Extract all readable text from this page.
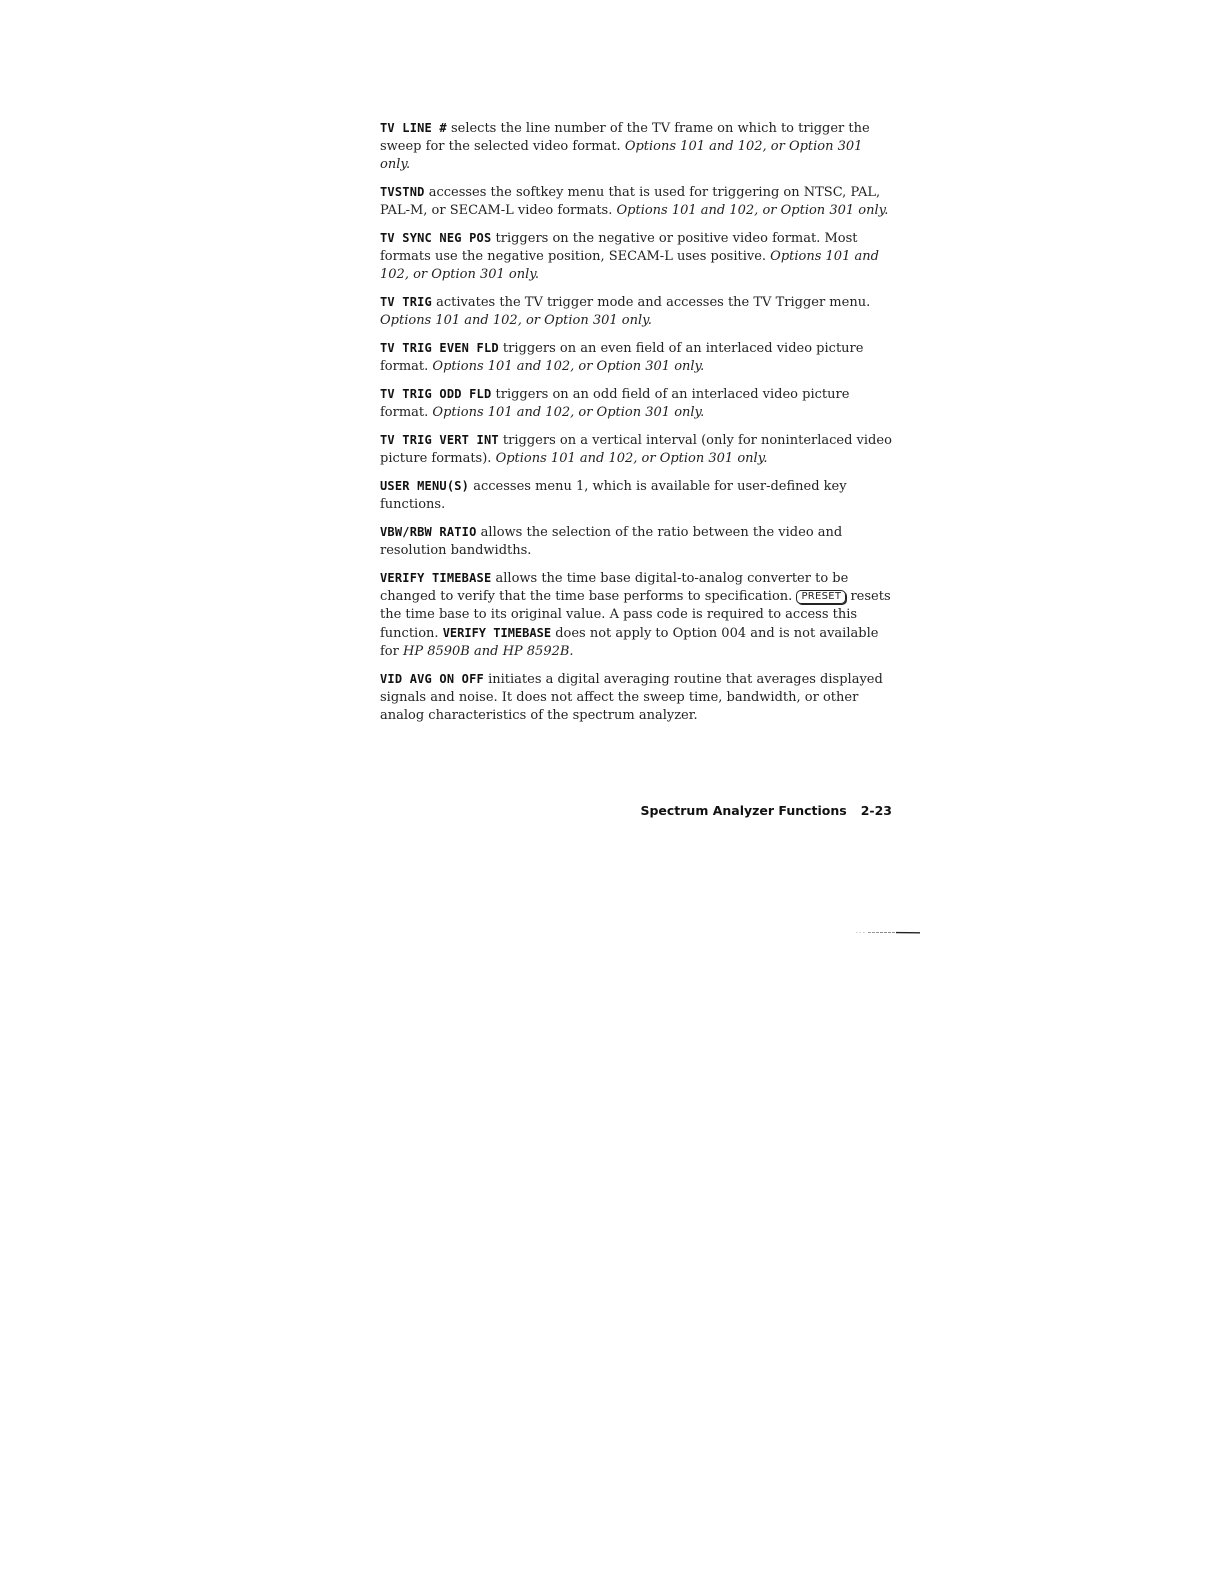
TV LINE # selects the line number of the TV frame on which to trigger the sweep for the selected video format. Options 101 and 102, or Option 301 only.

TVSTND accesses the softkey menu that is used for triggering on NTSC, PAL, PAL-M, or SECAM-L video formats. Options 101 and 102, or Option 301 only.

TV SYNC NEG POS triggers on the negative or positive video format. Most formats use the negative position, SECAM-L uses positive. Options 101 and 102, or Option 301 only.

TV TRIG activates the TV trigger mode and accesses the TV Trigger menu. Options 101 and 102, or Option 301 only.

TV TRIG EVEN FLD triggers on an even field of an interlaced video picture format. Options 101 and 102, or Option 301 only.

TV TRIG ODD FLD triggers on an odd field of an interlaced video picture format. Options 101 and 102, or Option 301 only.

TV TRIG VERT INT triggers on a vertical interval (only for noninterlaced video picture formats). Options 101 and 102, or Option 301 only.

USER MENU(S) accesses menu 1, which is available for user-defined key functions.

VBW/RBW RATIO allows the selection of the ratio between the video and resolution bandwidths.

VERIFY TIMEBASE allows the time base digital-to-analog converter to be changed to verify that the time base performs to specification. PRESET resets the time base to its original value. A pass code is required to access this function. VERIFY TIMEBASE does not apply to Option 004 and is not available for HP 8590B and HP 8592B.

VID AVG ON OFF initiates a digital averaging routine that averages displayed signals and noise. It does not affect the sweep time, bandwidth, or other analog characteristics of the spectrum analyzer.

Spectrum Analyzer Functions 2-23
